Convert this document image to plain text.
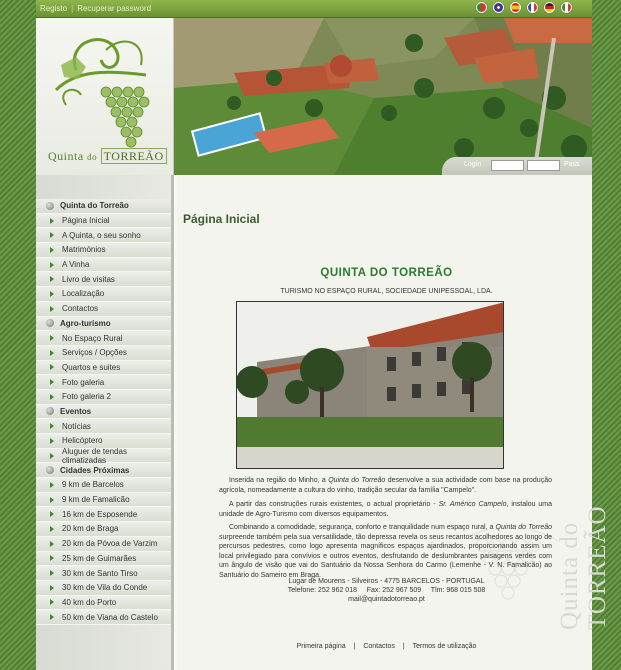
Registo | Recuperar password
Quinta do TORREÃO
Login	Pass
Quinta do Torreão
Página Inicial
A Quinta, o seu sonho
Matrimónios
A Vinha
Livro de visitas
Localização
Contactos
Agro-turismo
No Espaço Rural
Serviços / Opções
Quartos e suites
Foto galeria
Foto galeria 2
Eventos
Notícias
Helicóptero
Aluguer de tendas climatizadas
Cidades Próximas
9 km de Barcelos
9 km de Famalicão
16 km de Esposende
20 km de Braga
20 km da Póvoa de Varzim
25 km de Guimarães
30 km de Santo Tirso
30 km de Vila do Conde
40 km do Porto
50 km de Viana do Castelo
Página Inicial
Quinta do TORREÃO
QUINTA DO TORREÃO
TURISMO NO ESPAÇO RURAL, SOCIEDADE UNIPESSOAL, LDA.

Inserida na região do Minho, a Quinta do Torreão desenvolve a sua actividade com base na produção agrícola, nomeadamente a cultura do vinho, tradição secular da família "Campelo".

A partir das construções rurais existentes, o actual proprietário - Sr. Américo Campelo, instalou uma unidade de Agro-Turismo com diversos equipamentos.

Combinando a comodidade, segurança, conforto e tranquilidade num espaço rural, a Quinta do Torreão surpreende também pela sua versatilidade, tão depressa revela os seus recantos acolhedores ao longo de percursos pedestres, como logo apresenta magníficos espaços ajardinados, proporcionando assim um local privilegiado para convívios e outros eventos, desfrutando de deslumbrantes paisagens verdes com um ângulo de visão que vai do Santuário da Nossa Senhora do Carmo (Lemenhe - V. N. Famalicão) ao Santuário do Sameiro em Braga.

Lugar de Mourens - Silveiros - 4775 BARCELOS - PORTUGAL
Telefone: 252 962 018     Fax: 252 967 509     Tlm: 968 015 508
mail@quintadotorreao.pt
Primeira página | Contactos | Termos de utilização
